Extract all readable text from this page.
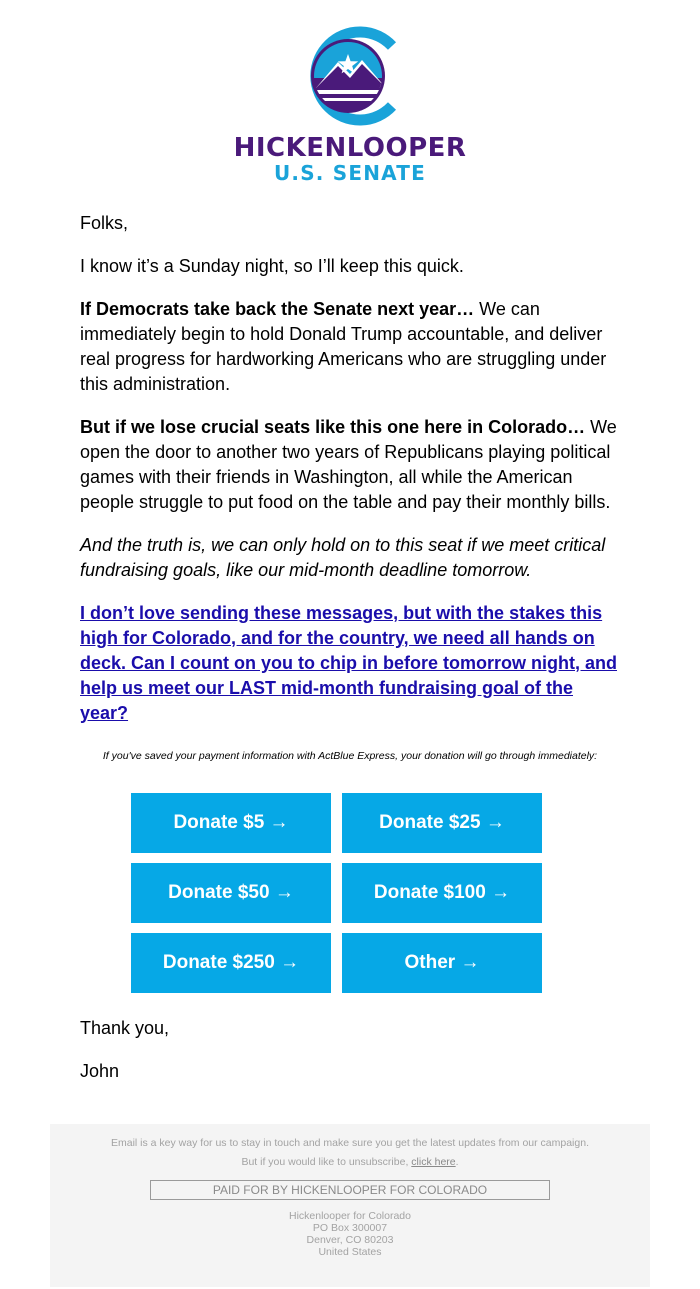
HICKENLOOPER
U.S. SENATE

Folks,

I know it’s a Sunday night, so I’ll keep this quick.

If Democrats take back the Senate next year… We can immediately begin to hold Donald Trump accountable, and deliver real progress for hardworking Americans who are struggling under this administration.

But if we lose crucial seats like this one here in Colorado… We open the door to another two years of Republicans playing political games with their friends in Washington, all while the American people struggle to put food on the table and pay their monthly bills.

And the truth is, we can only hold on to this seat if we meet critical fundraising goals, like our mid-month deadline tomorrow.

I don’t love sending these messages, but with the stakes this high for Colorado, and for the country, we need all hands on deck. Can I count on you to chip in before tomorrow night, and help us meet our LAST mid-month fundraising goal of the year?

If you've saved your payment information with ActBlue Express, your donation will go through immediately:
Donate $5 →	Donate $25 →
Donate $50 →	Donate $100 →
Donate $250 →	Other →

Thank you,

John

Email is a key way for us to stay in touch and make sure you get the latest updates from our campaign. But if you would like to unsubscribe, click here.
PAID FOR BY HICKENLOOPER FOR COLORADO
Hickenlooper for Colorado
PO Box 300007
Denver, CO 80203
United States
